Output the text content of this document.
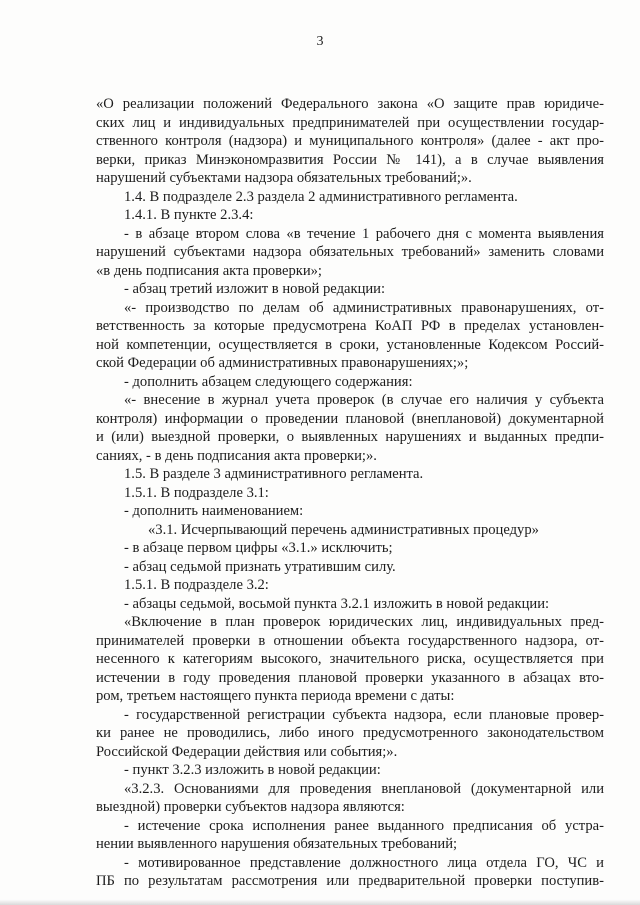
3
«О реализации положений Федерального закона «О защите прав юридиче-
ских лиц и индивидуальных предпринимателей при осуществлении государ-
ственного контроля (надзора) и муниципального контроля» (далее - акт про-
верки, приказ Минэкономразвития России № 141), а в случае выявления
нарушений субъектами надзора обязательных требований;».
1.4. В подразделе 2.3 раздела 2 административного регламента.
1.4.1. В пункте 2.3.4:
- в абзаце втором слова «в течение 1 рабочего дня с момента выявления
нарушений субъектами надзора обязательных требований» заменить словами
«в день подписания акта проверки»;
- абзац третий изложит в новой редакции:
«- производство по делам об административных правонарушениях, от-
ветственность за которые предусмотрена КоАП РФ в пределах установлен-
ной компетенции, осуществляется в сроки, установленные Кодексом Россий-
ской Федерации об административных правонарушениях;»;
- дополнить абзацем следующего содержания:
«- внесение в журнал учета проверок (в случае его наличия у субъекта
контроля) информации о проведении плановой (внеплановой) документарной
и (или) выездной проверки, о выявленных нарушениях и выданных предпи-
саниях, - в день подписания акта проверки;».
1.5. В разделе 3 административного регламента.
1.5.1. В подразделе 3.1:
- дополнить наименованием:
«3.1. Исчерпывающий перечень административных процедур»
- в абзаце первом цифры «3.1.» исключить;
- абзац седьмой признать утратившим силу.
1.5.1. В подразделе 3.2:
- абзацы седьмой, восьмой пункта 3.2.1 изложить в новой редакции:
«Включение в план проверок юридических лиц, индивидуальных пред-
принимателей проверки в отношении объекта государственного надзора, от-
несенного к категориям высокого, значительного риска, осуществляется при
истечении в году проведения плановой проверки указанного в абзацах вто-
ром, третьем настоящего пункта периода времени с даты:
- государственной регистрации субъекта надзора, если плановые провер-
ки ранее не проводились, либо иного предусмотренного законодательством
Российской Федерации действия или события;».
- пункт 3.2.3 изложить в новой редакции:
«3.2.3. Основаниями для проведения внеплановой (документарной или
выездной) проверки субъектов надзора являются:
- истечение срока исполнения ранее выданного предписания об устра-
нении выявленного нарушения обязательных требований;
- мотивированное представление должностного лица отдела ГО, ЧС и
ПБ по результатам рассмотрения или предварительной проверки поступив-
